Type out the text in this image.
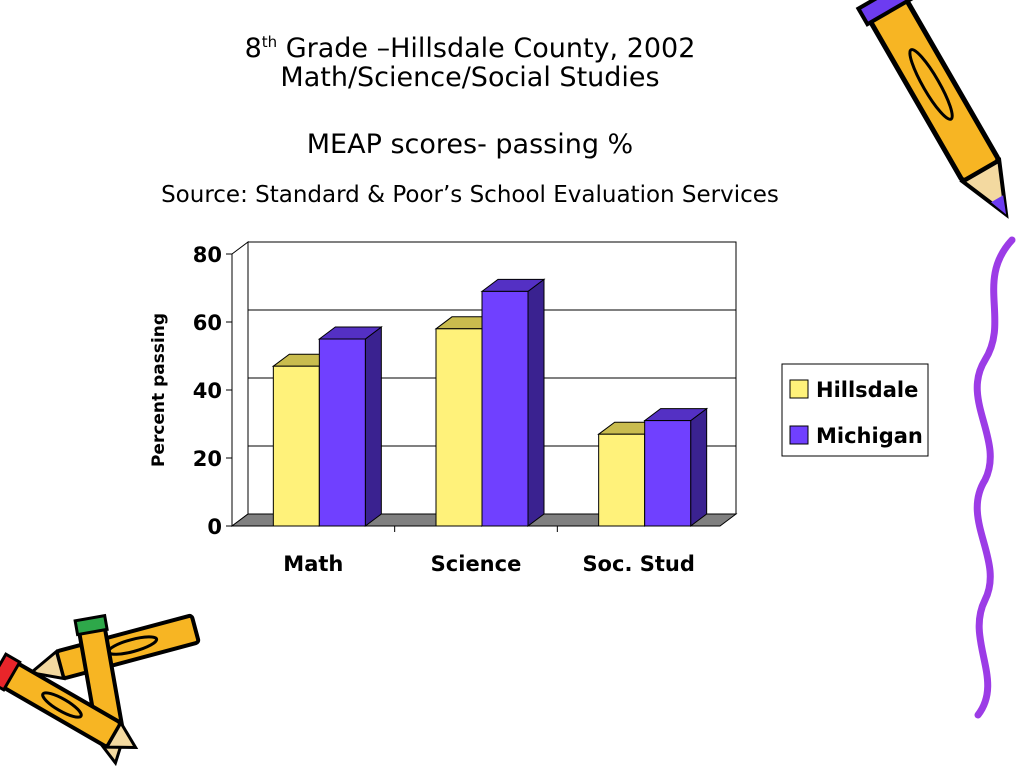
8th Grade –Hillsdale County, 2002
Math/Science/Social Studies
MEAP scores- passing %
Source: Standard & Poor’s School Evaluation Services
0
20
40
60
80
Percent passing
Math	Science	Soc. Stud
Hillsdale
Michigan
